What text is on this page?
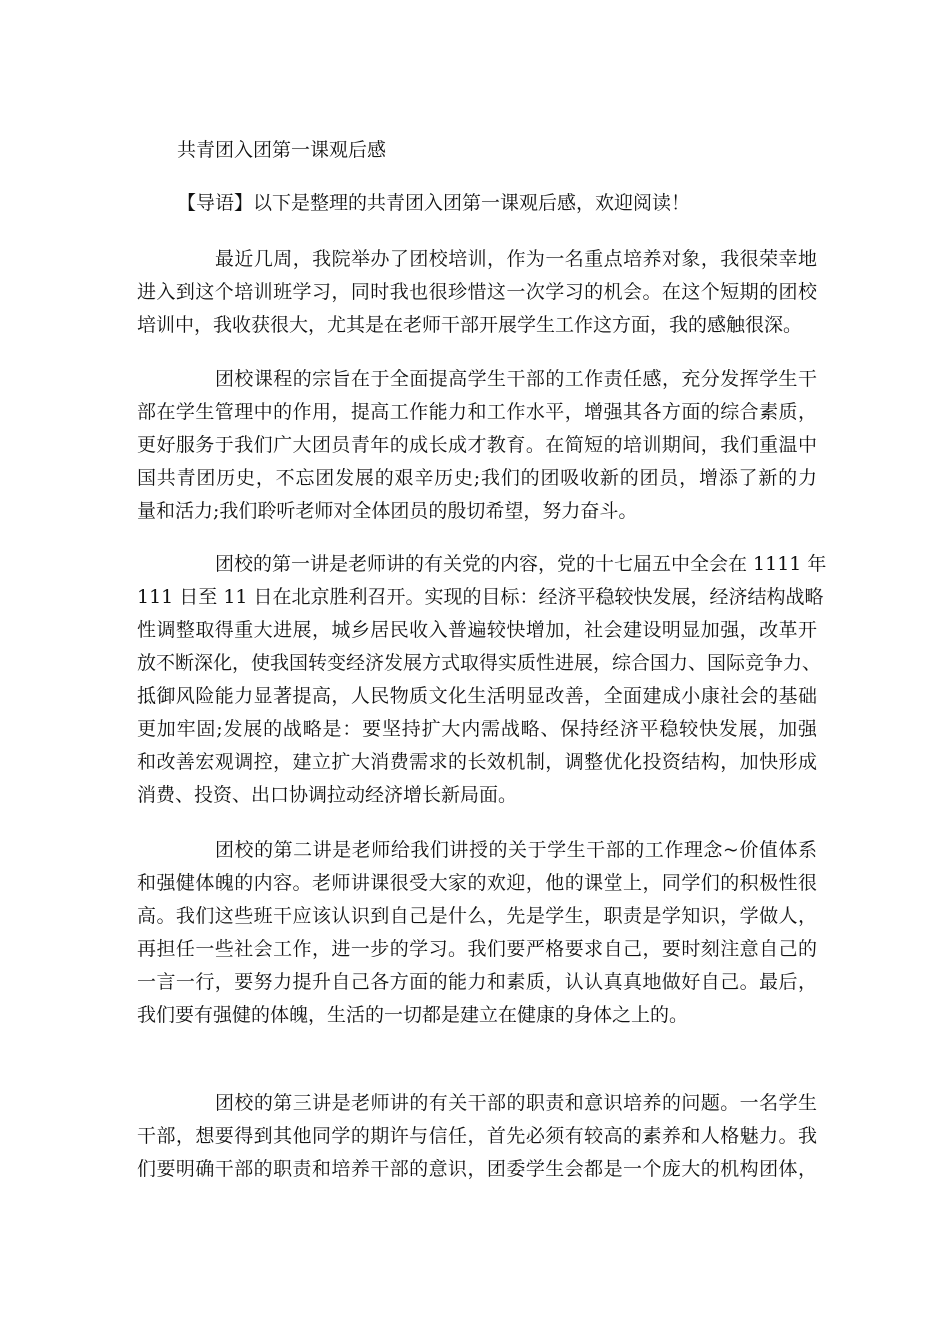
共青团入团第一课观后感

【导语】以下是整理的共青团入团第一课观后感，欢迎阅读！

最近几周，我院举办了团校培训，作为一名重点培养对象，我很荣幸地
进入到这个培训班学习，同时我也很珍惜这一次学习的机会。在这个短期的团校
培训中，我收获很大，尤其是在老师干部开展学生工作这方面，我的感触很深。
团校课程的宗旨在于全面提高学生干部的工作责任感，充分发挥学生干
部在学生管理中的作用，提高工作能力和工作水平，增强其各方面的综合素质，
更好服务于我们广大团员青年的成长成才教育。在简短的培训期间，我们重温中
国共青团历史，不忘团发展的艰辛历史;我们的团吸收新的团员，增添了新的力
量和活力;我们聆听老师对全体团员的殷切希望，努力奋斗。
团校的第一讲是老师讲的有关党的内容，党的十七届五中全会在 1111 年
111 日至 11 日在北京胜利召开。实现的目标：经济平稳较快发展，经济结构战略
性调整取得重大进展，城乡居民收入普遍较快增加，社会建设明显加强，改革开
放不断深化，使我国转变经济发展方式取得实质性进展，综合国力、国际竞争力、
抵御风险能力显著提高，人民物质文化生活明显改善，全面建成小康社会的基础
更加牢固;发展的战略是：要坚持扩大内需战略、保持经济平稳较快发展，加强
和改善宏观调控，建立扩大消费需求的长效机制，调整优化投资结构，加快形成
消费、投资、出口协调拉动经济增长新局面。
团校的第二讲是老师给我们讲授的关于学生干部的工作理念~价值体系
和强健体魄的内容。老师讲课很受大家的欢迎，他的课堂上，同学们的积极性很
高。我们这些班干应该认识到自己是什么，先是学生，职责是学知识，学做人，
再担任一些社会工作，进一步的学习。我们要严格要求自己，要时刻注意自己的
一言一行，要努力提升自己各方面的能力和素质，认认真真地做好自己。最后，
我们要有强健的体魄，生活的一切都是建立在健康的身体之上的。
团校的第三讲是老师讲的有关干部的职责和意识培养的问题。一名学生
干部，想要得到其他同学的期许与信任，首先必须有较高的素养和人格魅力。我
们要明确干部的职责和培养干部的意识，团委学生会都是一个庞大的机构团体，
